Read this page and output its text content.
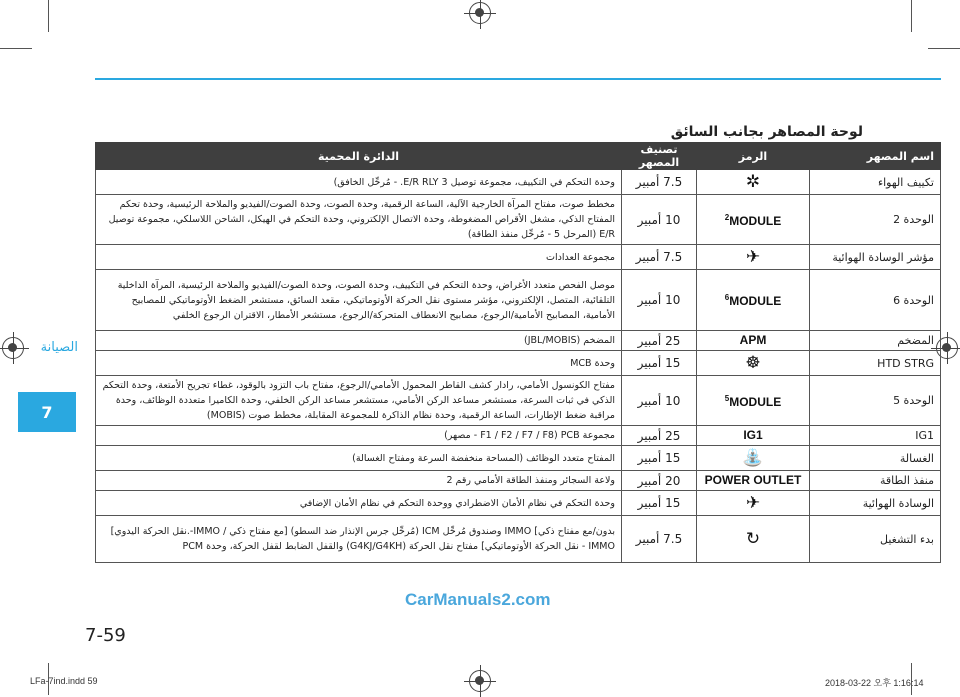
الصيانة
7
لوحة المصاهر بجانب السائق
اسم المصهر	الرمز	تصنيف المصهر	الدائرة المحمية
تكييف الهواء	✲	7.5 أمبير	وحدة التحكم في التكييف، مجموعة توصيل 3 E/R RLY. - مُرحِّل الخافق)
الوحدة 2	$^2$MODULE	10 أمبير	مخطط صوت، مفتاح المرآة الخارجية الآلية، الساعة الرقمية، وحدة الصوت، وحدة الصوت/الفيديو والملاحة الرئيسية، وحدة تحكم المفتاح الذكي، مشغل الأقراص المضغوطة، وحدة الاتصال الإلكتروني، وحدة التحكم في الهيكل، الشاحن اللاسلكي، مجموعة توصيل E/R (المرحل 5 - مُرحِّل منفذ الطاقة)
مؤشر الوسادة الهوائية	✈	7.5 أمبير	مجموعة العدادات
الوحدة 6	$^6$MODULE	10 أمبير	موصل الفحص متعدد الأغراض، وحدة التحكم في التكييف، وحدة الصوت، وحدة الصوت/الفيديو والملاحة الرئيسية، المرآة الداخلية التلقائية، المتصل، الإلكتروني، مؤشر مستوى نقل الحركة الأوتوماتيكي، مقعد السائق، مستشعر الضغط الأوتوماتيكي للمصابيح الأمامية، المصابيح الأمامية/الرجوع، مصابيح الانعطاف المتحركة/الرجوع، مستشعر الأمطار، الاقتران الرجوع الخلفي
المضخم	APM	25 أمبير	المضخم (JBL/MOBIS)
HTD STRG	☸	15 أمبير	وحدة MCB
الوحدة 5	$^5$MODULE	10 أمبير	مفتاح الكونسول الأمامي، رادار كشف القاطر المحمول الأمامي/الرجوع، مفتاح باب التزود بالوقود، غطاء تجريح الأمتعة، وحدة التحكم الذكي في ثبات السرعة، مستشعر مساعد الركن الأمامي، مستشعر مساعد الركن الخلفي، وحدة الكاميرا متعددة الوظائف، وحدة مراقبة ضغط الإطارات، الساعة الرقمية، وحدة نظام الذاكرة للمجموعة المقابلة، مخطط صوت (MOBIS)
IG1	IG1	25 أمبير	مجموعة PCB (F1 / F2 / F7 / F8 - مصهر)
الغسالة	⛲	15 أمبير	المفتاح متعدد الوظائف (المساحة منخفضة السرعة ومفتاح الغسالة)
منفذ الطاقة	POWER OUTLET	20 أمبير	ولاعة السجائر ومنفذ الطاقة الأمامي رقم 2
الوسادة الهوائية	✈	15 أمبير	وحدة التحكم في نظام الأمان الاضطرادي ووحدة التحكم في نظام الأمان الإضافي
بدء التشغيل	↻	7.5 أمبير	بدون/مع مفتاح ذكي] IMMO وصندوق مُرحِّل ICM (مُرحِّل جرس الإنذار ضد السطو) [مع مفتاح ذكي / IMMO-.نقل الحركة اليدوي] IMMO - نقل الحركة الأوتوماتيكي] مفتاح نقل الحركة (G4KJ/G4KH) والقفل الضابط لقفل الحركة، وحدة PCM
CarManuals2.com
7-59
LFa-7ind.indd 59	2018-03-22 오후 1:16:14
